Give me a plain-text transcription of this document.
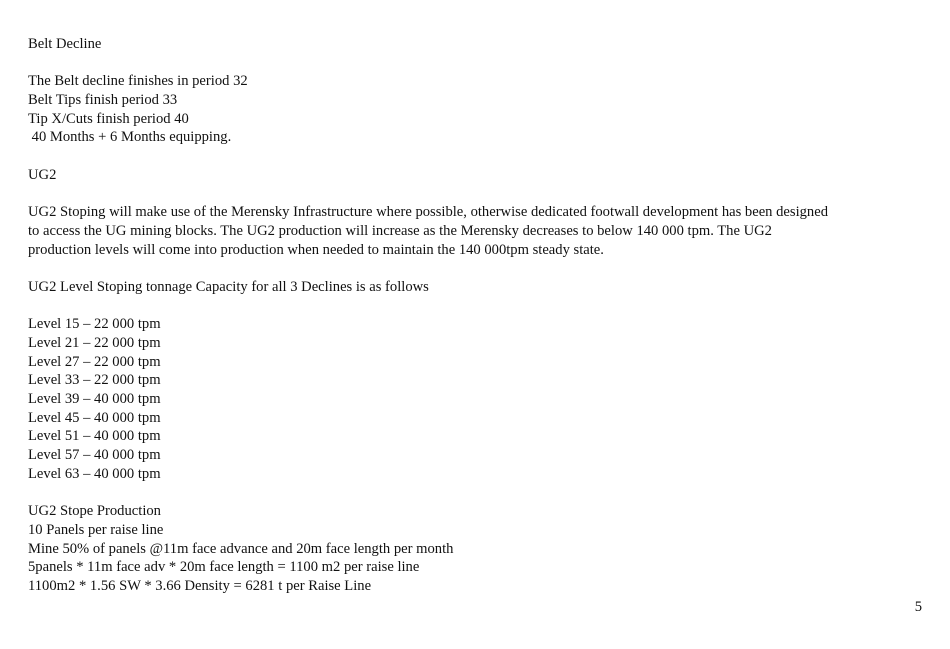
Belt Decline
The Belt decline finishes in period 32
Belt Tips finish period 33
Tip X/Cuts finish period 40
40 Months + 6 Months equipping.
UG2
UG2 Stoping will make use of the Merensky Infrastructure where possible, otherwise dedicated footwall development has been designed
to access the UG mining blocks. The UG2 production will increase as the Merensky decreases to below 140 000 tpm. The UG2
production levels will come into production when needed to maintain the 140 000tpm steady state.
UG2 Level Stoping tonnage Capacity for all 3 Declines is as follows
Level 15 – 22 000 tpm
Level 21 – 22 000 tpm
Level 27 – 22 000 tpm
Level 33 – 22 000 tpm
Level 39 – 40 000 tpm
Level 45 – 40 000 tpm
Level 51 – 40 000 tpm
Level 57 – 40 000 tpm
Level 63 – 40 000 tpm
UG2 Stope Production
10 Panels per raise line
Mine 50% of panels @11m face advance and 20m face length per month
5panels * 11m face adv * 20m face length = 1100 m2 per raise line
1100m2 * 1.56 SW * 3.66 Density = 6281 t per Raise Line
5
